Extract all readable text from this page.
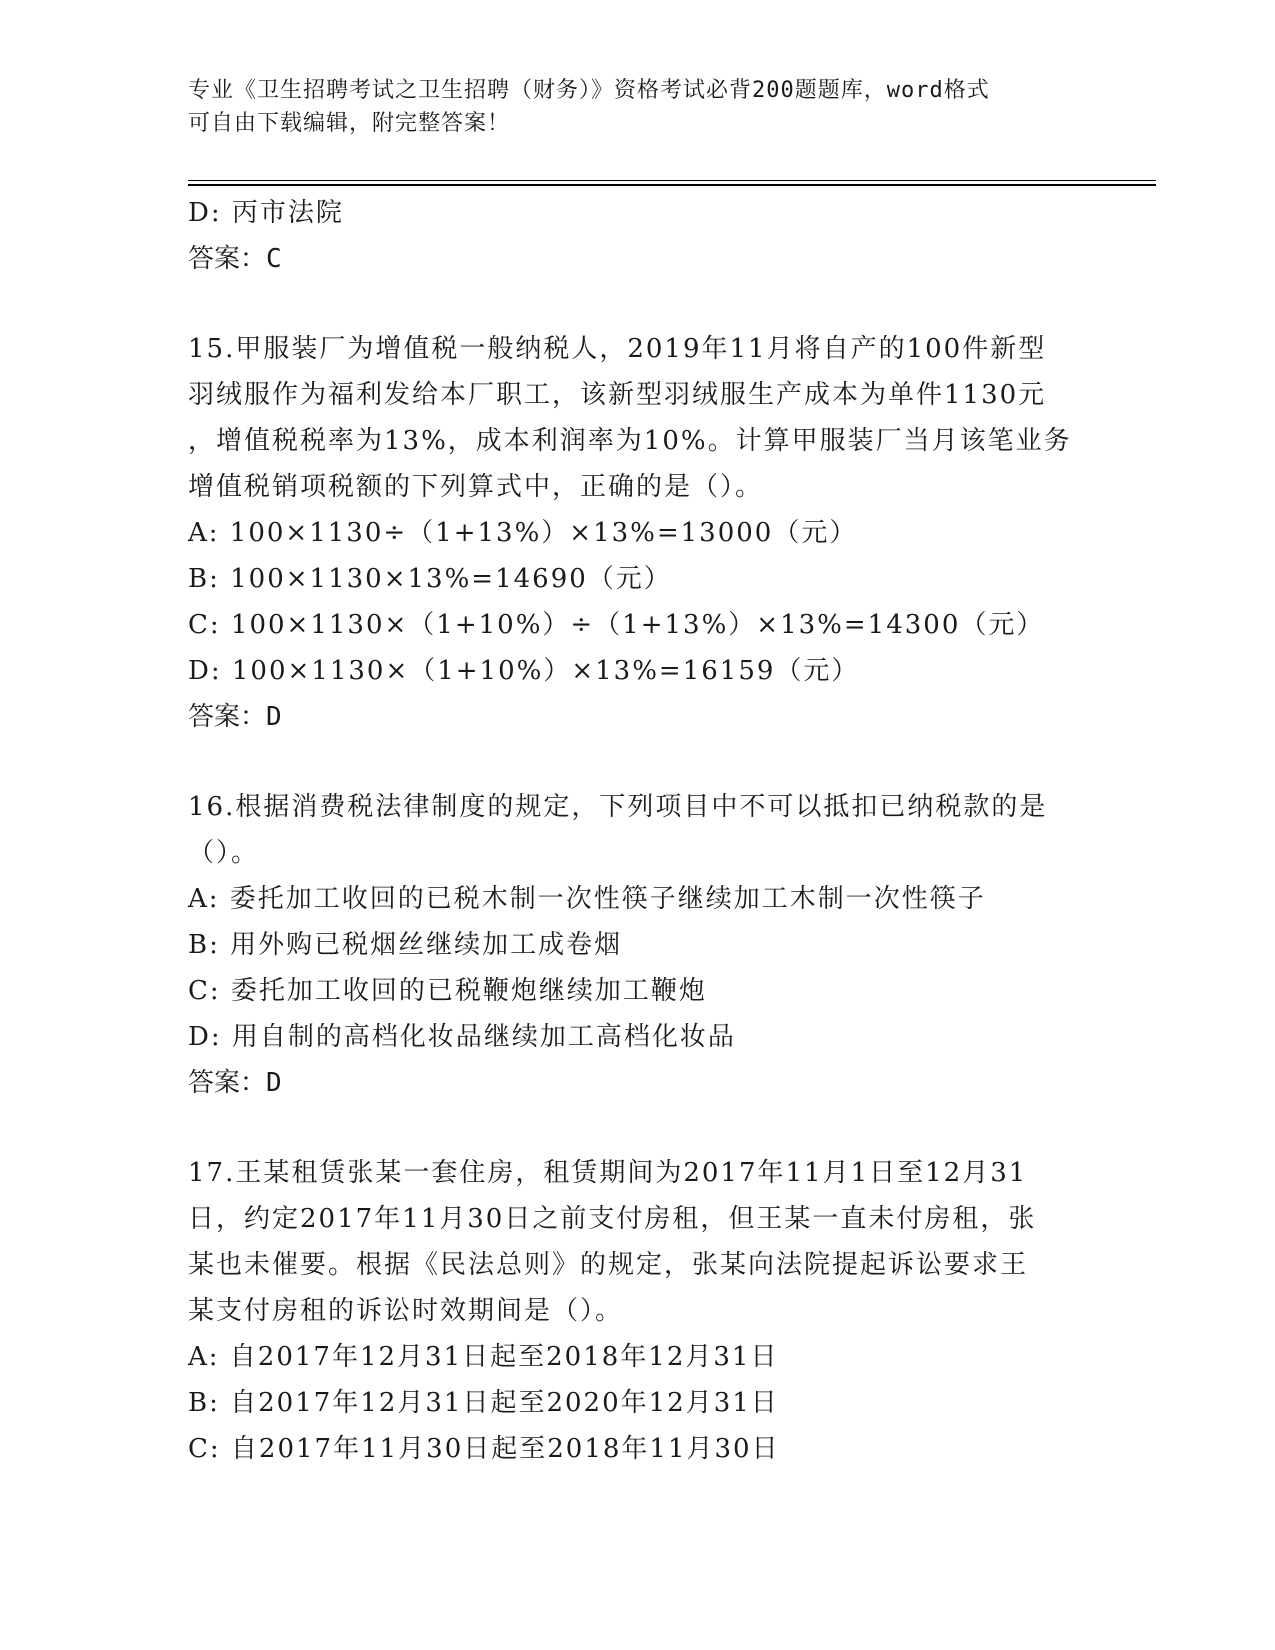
专业《卫生招聘考试之卫生招聘（财务）》资格考试必背200题题库，word格式
可自由下载编辑，附完整答案！
D: 丙市法院
答案：C
15.甲服装厂为增值税一般纳税人，2019年11月将自产的100件新型
羽绒服作为福利发给本厂职工，该新型羽绒服生产成本为单件1130元
，增值税税率为13%，成本利润率为10%。计算甲服装厂当月该笔业务
增值税销项税额的下列算式中，正确的是（）。
A: 100×1130÷（1+13%）×13%=13000（元）
B: 100×1130×13%=14690（元）
C: 100×1130×（1+10%）÷（1+13%）×13%=14300（元）
D: 100×1130×（1+10%）×13%=16159（元）
答案：D
16.根据消费税法律制度的规定，下列项目中不可以抵扣已纳税款的是
（）。
A: 委托加工收回的已税木制一次性筷子继续加工木制一次性筷子
B: 用外购已税烟丝继续加工成卷烟
C: 委托加工收回的已税鞭炮继续加工鞭炮
D: 用自制的高档化妆品继续加工高档化妆品
答案：D
17.王某租赁张某一套住房，租赁期间为2017年11月1日至12月31
日，约定2017年11月30日之前支付房租，但王某一直未付房租，张
某也未催要。根据《民法总则》的规定，张某向法院提起诉讼要求王
某支付房租的诉讼时效期间是（）。
A: 自2017年12月31日起至2018年12月31日
B: 自2017年12月31日起至2020年12月31日
C: 自2017年11月30日起至2018年11月30日
